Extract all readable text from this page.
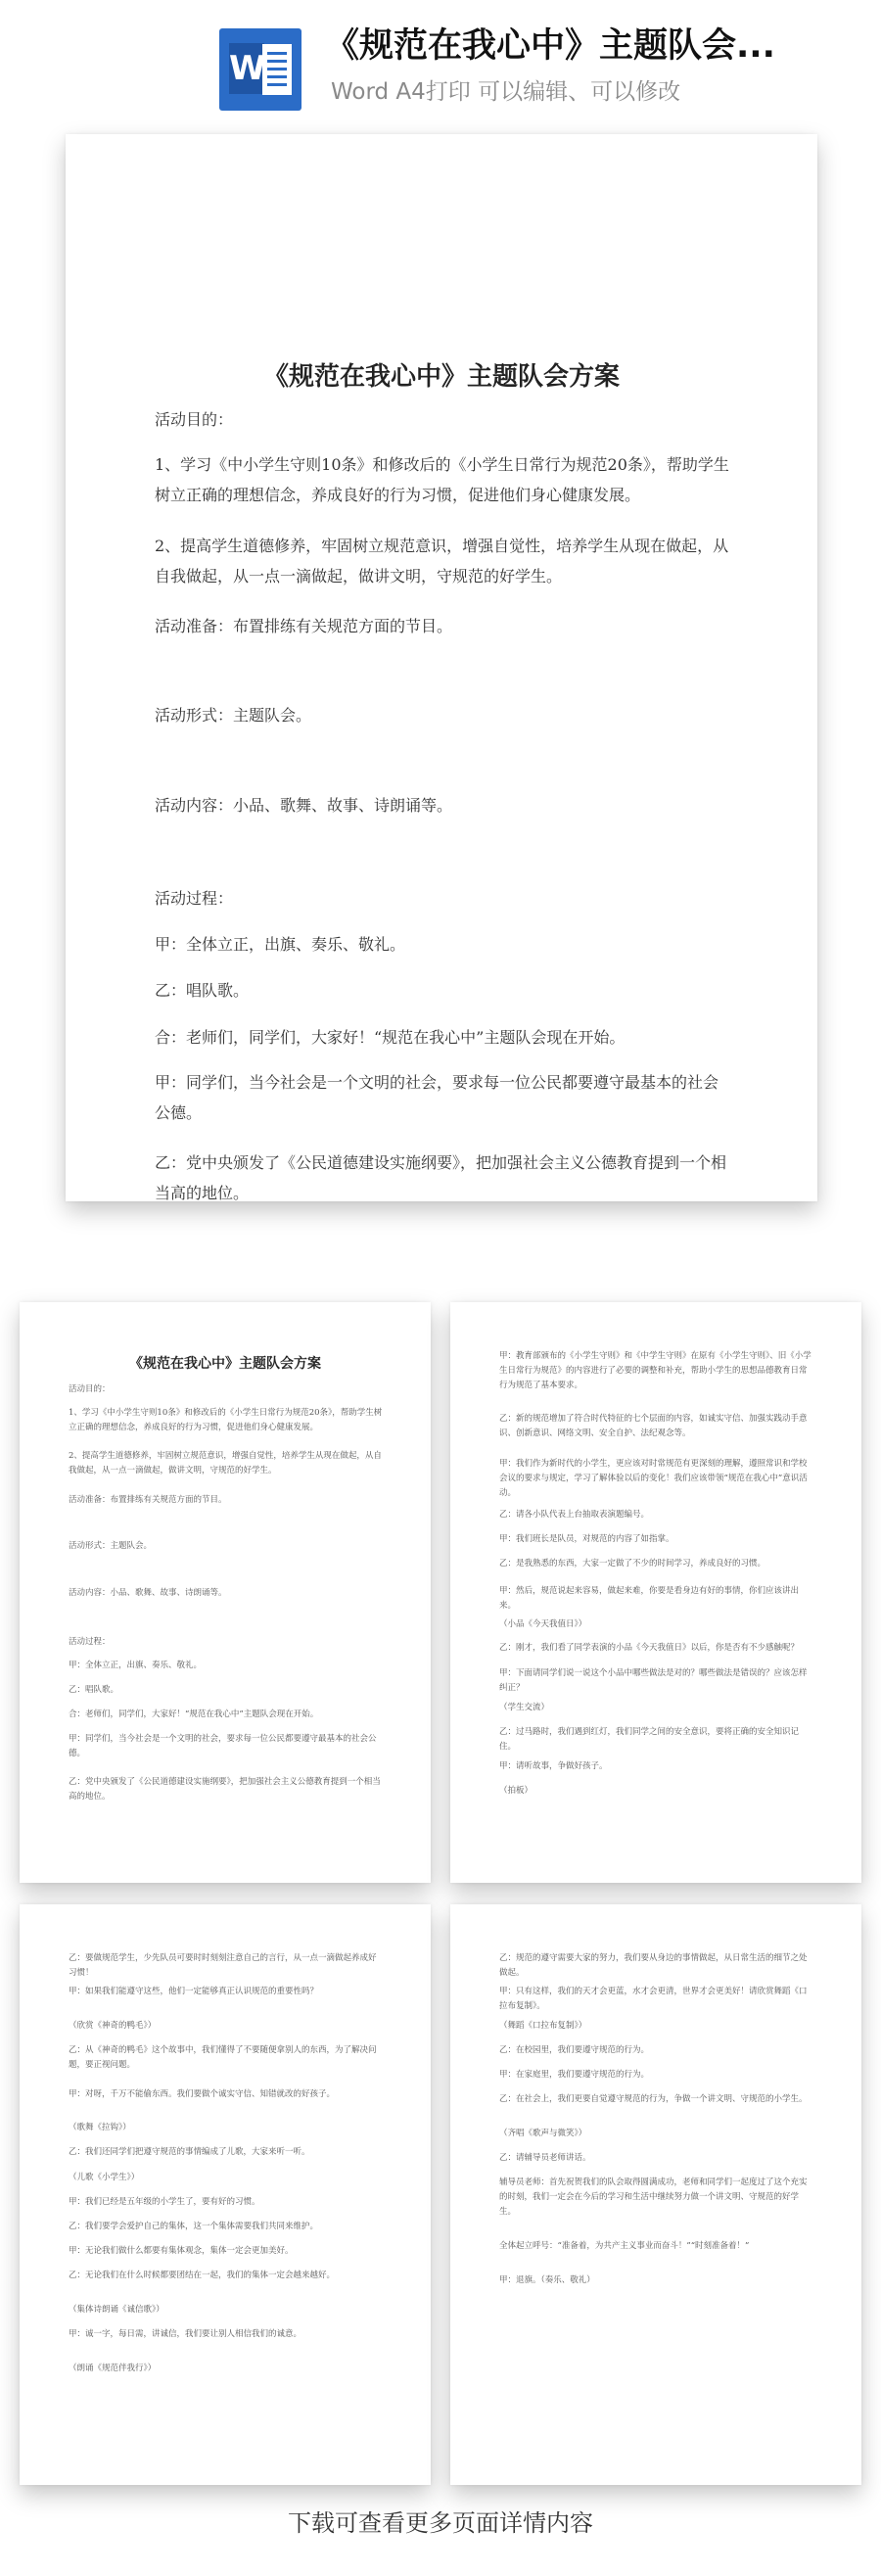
W
《规范在我心中》主题队会...
Word A4打印 可以编辑、可以修改
《规范在我心中》主题队会方案
活动目的：
1、学习《中小学生守则10条》和修改后的《小学生日常行为规范20条》，帮助学生树立正确的理想信念，养成良好的行为习惯，促进他们身心健康发展。
2、提高学生道德修养，牢固树立规范意识，增强自觉性，培养学生从现在做起，从自我做起，从一点一滴做起，做讲文明，守规范的好学生。
活动准备：布置排练有关规范方面的节目。
活动形式：主题队会。
活动内容：小品、歌舞、故事、诗朗诵等。
活动过程：
甲：全体立正，出旗、奏乐、敬礼。
乙：唱队歌。
合：老师们，同学们，大家好！“规范在我心中”主题队会现在开始。
甲：同学们，当今社会是一个文明的社会，要求每一位公民都要遵守最基本的社会公德。
乙：党中央颁发了《公民道德建设实施纲要》，把加强社会主义公德教育提到一个相当高的地位。
《规范在我心中》主题队会方案
活动目的：
1、学习《中小学生守则10条》和修改后的《小学生日常行为规范20条》，帮助学生树立正确的理想信念，养成良好的行为习惯，促进他们身心健康发展。
2、提高学生道德修养，牢固树立规范意识，增强自觉性，培养学生从现在做起，从自我做起，从一点一滴做起，做讲文明，守规范的好学生。
活动准备：布置排练有关规范方面的节目。
活动形式：主题队会。
活动内容：小品、歌舞、故事、诗朗诵等。
活动过程：
甲：全体立正，出旗、奏乐、敬礼。
乙：唱队歌。
合：老师们，同学们，大家好！“规范在我心中”主题队会现在开始。
甲：同学们，当今社会是一个文明的社会，要求每一位公民都要遵守最基本的社会公德。
乙：党中央颁发了《公民道德建设实施纲要》，把加强社会主义公德教育提到一个相当高的地位。
甲：教育部颁布的《小学生守则》和《中学生守则》在原有《小学生守则》、旧《小学生日常行为规范》的内容进行了必要的调整和补充，帮助小学生的思想品德教育日常行为规范了基本要求。
乙：新的规范增加了符合时代特征的七个层面的内容，如诚实守信、加强实践动手意识、创新意识、网络文明、安全自护、法纪观念等。
甲：我们作为新时代的小学生，更应该对时常规范有更深刻的理解，遵照常识和学校会议的要求与规定，学习了解体验以后的变化！我们应该带领“规范在我心中”意识活动。
乙：请各小队代表上台抽取表演题编号。
甲：我们班长是队员，对规范的内容了如指掌。
乙：是我熟悉的东西，大家一定做了不少的时间学习，养成良好的习惯。
甲：然后，规范说起来容易，做起来难，你要是看身边有好的事情，你们应该讲出来。
（小品《今天我值日》）
乙：刚才，我们看了同学表演的小品《今天我值日》以后，你是否有不少感触呢？
甲：下面请同学们说一说这个小品中哪些做法是对的？哪些做法是错误的？应该怎样纠正？
（学生交流）
乙：过马路时，我们遇到红灯，我们同学之间的安全意识，要将正确的安全知识记住。
甲：请听故事，争做好孩子。
（拍板）
乙：要做规范学生，少先队员可要时时刻刻注意自己的言行，从一点一滴做起养成好习惯！
甲：如果我们能遵守这些，他们一定能够真正认识规范的重要性吗？
（欣赏《神奇的鸭毛》）
乙：从《神奇的鸭毛》这个故事中，我们懂得了不要随便拿别人的东西，为了解决问题，要正视问题。
甲：对呀，千万不能偷东西。我们要做个诚实守信、知错就改的好孩子。
（歌舞《拉钩》）
乙：我们还同学们把遵守规范的事情编成了儿歌，大家来听一听。
（儿歌《小学生》）
甲：我们已经是五年级的小学生了，要有好的习惯。
乙：我们要学会爱护自己的集体，这一个集体需要我们共同来维护。
甲：无论我们做什么都要有集体观念，集体一定会更加美好。
乙：无论我们在什么时候都要团结在一起，我们的集体一定会越来越好。
（集体诗朗诵《诚信歌》）
甲：诚一字，每日需，讲诚信，我们要让别人相信我们的诚意。
（朗诵《规范伴我行》）
乙：规范的遵守需要大家的努力，我们要从身边的事情做起，从日常生活的细节之处做起。
甲：只有这样，我们的天才会更蓝，水才会更清，世界才会更美好！请欣赏舞蹈《口拉布复制》。
（舞蹈《口拉布复制》）
乙：在校园里，我们要遵守规范的行为。
甲：在家庭里，我们要遵守规范的行为。
乙：在社会上，我们更要自觉遵守规范的行为，争做一个讲文明、守规范的小学生。
（齐唱《歌声与微笑》）
乙：请辅导员老师讲话。
辅导员老师：首先祝贺我们的队会取得圆满成功，老师和同学们一起度过了这个充实的时刻，我们一定会在今后的学习和生活中继续努力做一个讲文明、守规范的好学生。
全体起立呼号：“准备着，为共产主义事业而奋斗！”“时刻准备着！”
甲：退旗。（奏乐、敬礼）
下载可查看更多页面详情内容
